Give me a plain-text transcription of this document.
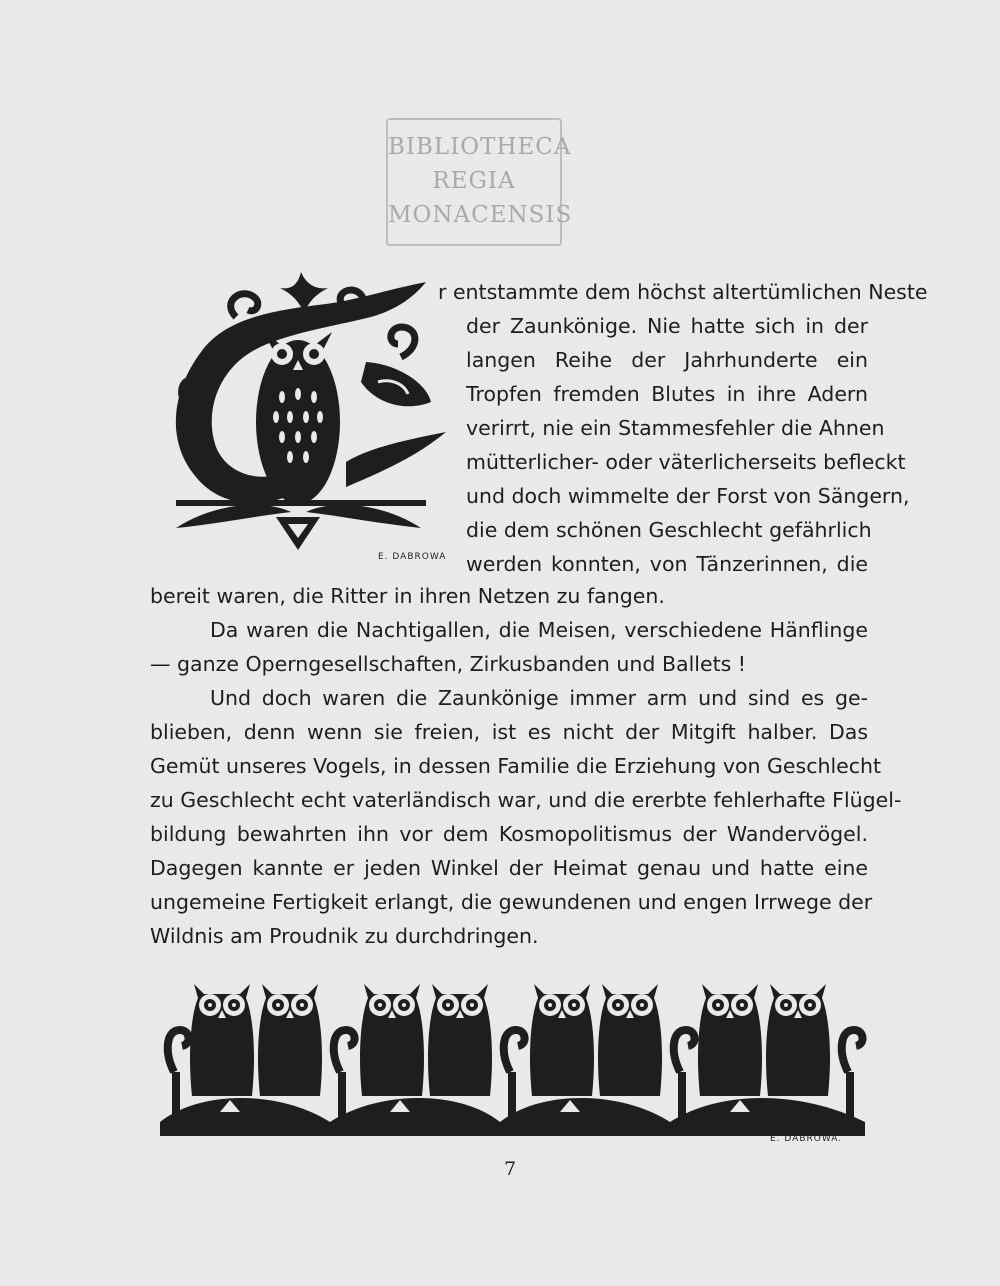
BIBLIOTHECA
REGIA
MONACENSIS
E. DABROWA
r entstammte dem höchst altertümlichen Neste
der Zaunkönige. Nie hatte sich in der
langen Reihe der Jahrhunderte ein
Tropfen fremden Blutes in ihre Adern
verirrt, nie ein Stammesfehler die Ahnen
mütterlicher- oder väterlicherseits befleckt
und doch wimmelte der Forst von Sängern,
die dem schönen Geschlecht gefährlich
werden konnten, von Tänzerinnen, die
bereit waren, die Ritter in ihren Netzen zu fangen.
Da waren die Nachtigallen, die Meisen, verschiedene Hänflinge
— ganze Operngesellschaften, Zirkusbanden und Ballets !
Und doch waren die Zaunkönige immer arm und sind es ge-
blieben, denn wenn sie freien, ist es nicht der Mitgift halber. Das
Gemüt unseres Vogels, in dessen Familie die Erziehung von Geschlecht
zu Geschlecht echt vaterländisch war, und die ererbte fehlerhafte Flügel-
bildung bewahrten ihn vor dem Kosmopolitismus der Wandervögel.
Dagegen kannte er jeden Winkel der Heimat genau und hatte eine
ungemeine Fertigkeit erlangt, die gewundenen und engen Irrwege der
Wildnis am Proudnik zu durchdringen.
E. DABROWA.
7
